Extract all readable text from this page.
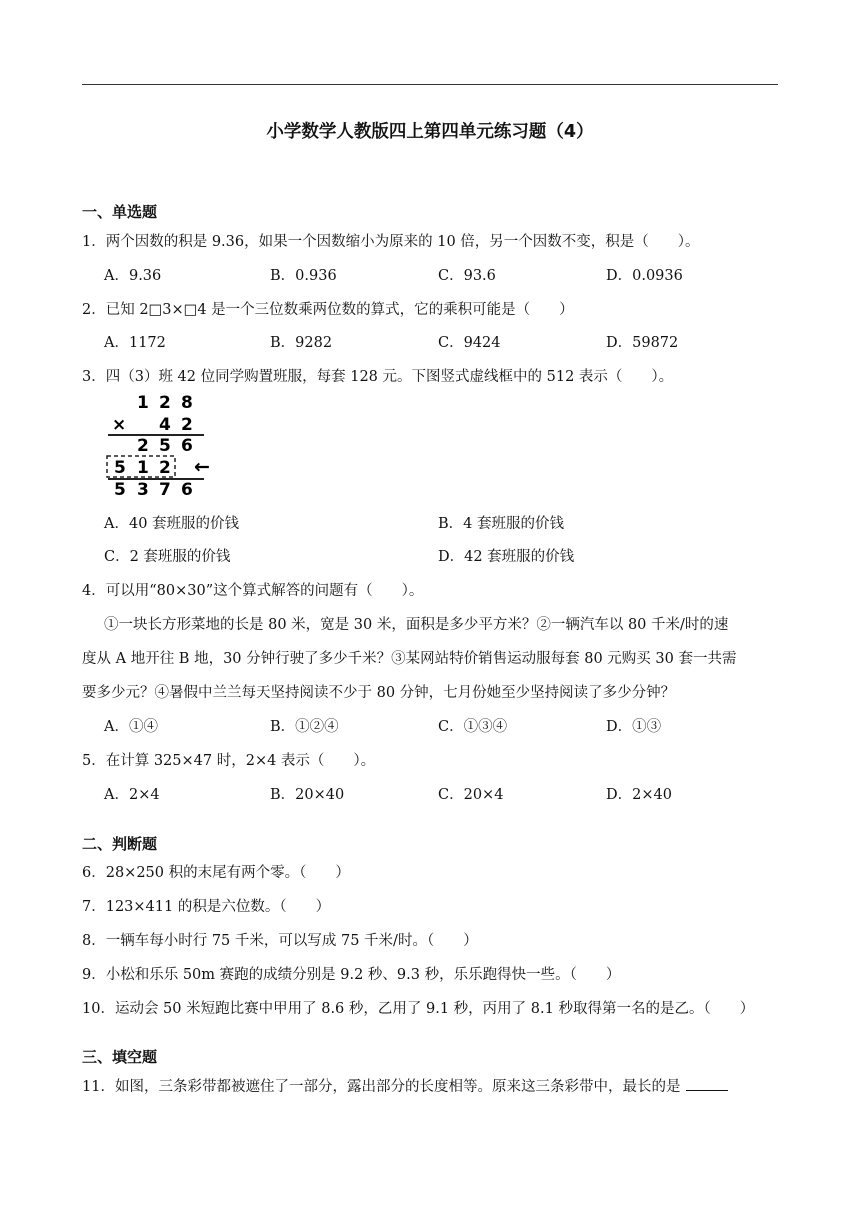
小学数学人教版四上第四单元练习题（4）
一、单选题
1．两个因数的积是 9.36，如果一个因数缩小为原来的 10 倍，另一个因数不变，积是（　　）。
A．9.36	B．0.936	C．93.6	D．0.0936
2．已知 2□3×□4 是一个三位数乘两位数的算式，它的乘积可能是（　　）
A．1172	B．9282	C．9424	D．59872
3．四（3）班 42 位同学购置班服，每套 128 元。下图竖式虚线框中的 512 表示（　　）。
1 2 8
× 4 2
2 5 6
5 1 2 ←
5 3 7 6
A．40 套班服的价钱	B．4 套班服的价钱
C．2 套班服的价钱	D．42 套班服的价钱
4．可以用“80×30”这个算式解答的问题有（　　）。
①一块长方形菜地的长是 80 米，宽是 30 米，面积是多少平方米？②一辆汽车以 80 千米/时的速
度从 A 地开往 B 地，30 分钟行驶了多少千米？③某网站特价销售运动服每套 80 元购买 30 套一共需
要多少元？④暑假中兰兰每天坚持阅读不少于 80 分钟，七月份她至少坚持阅读了多少分钟？
A．①④	B．①②④	C．①③④	D．①③
5．在计算 325×47 时，2×4 表示（　　）。
A．2×4	B．20×40	C．20×4	D．2×40
二、判断题
6．28×250 积的末尾有两个零。（　　）
7．123×411 的积是六位数。（　　）
8．一辆车每小时行 75 千米，可以写成 75 千米/时。（　　）
9．小松和乐乐 50m 赛跑的成绩分别是 9.2 秒、9.3 秒，乐乐跑得快一些。（　　）
10．运动会 50 米短跑比赛中甲用了 8.6 秒，乙用了 9.1 秒，丙用了 8.1 秒取得第一名的是乙。（　　）
三、填空题
11．如图，三条彩带都被遮住了一部分，露出部分的长度相等。原来这三条彩带中，最长的是
